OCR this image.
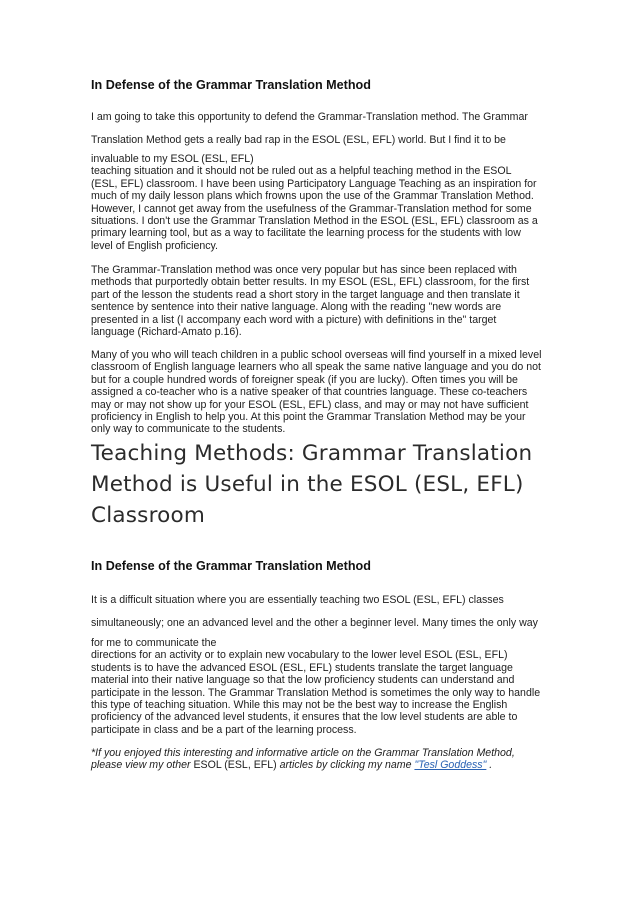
In Defense of the Grammar Translation Method
I am going to take this opportunity to defend the Grammar-Translation method. The Grammar
Translation Method gets a really bad rap in the ESOL (ESL, EFL) world. But I find it to be
invaluable to my ESOL (ESL, EFL)
teaching situation and it should not be ruled out as a helpful teaching method in the ESOL
(ESL, EFL) classroom. I have been using Participatory Language Teaching as an inspiration for
much of my daily lesson plans which frowns upon the use of the Grammar Translation Method.
However, I cannot get away from the usefulness of the Grammar-Translation method for some
situations. I don't use the Grammar Translation Method in the ESOL (ESL, EFL) classroom as a
primary learning tool, but as a way to facilitate the learning process for the students with low
level of English proficiency.
The Grammar-Translation method was once very popular but has since been replaced with
methods that purportedly obtain better results. In my ESOL (ESL, EFL) classroom, for the first
part of the lesson the students read a short story in the target language and then translate it
sentence by sentence into their native language. Along with the reading "new words are
presented in a list (I accompany each word with a picture) with definitions in the" target
language (Richard-Amato p.16).
Many of you who will teach children in a public school overseas will find yourself in a mixed level
classroom of English language learners who all speak the same native language and you do not
but for a couple hundred words of foreigner speak (if you are lucky). Often times you will be
assigned a co-teacher who is a native speaker of that countries language. These co-teachers
may or may not show up for your ESOL (ESL, EFL) class, and may or may not have sufficient
proficiency in English to help you. At this point the Grammar Translation Method may be your
only way to communicate to the students.
Teaching Methods: Grammar Translation
Method is Useful in the ESOL (ESL, EFL)
Classroom
In Defense of the Grammar Translation Method
It is a difficult situation where you are essentially teaching two ESOL (ESL, EFL) classes
simultaneously; one an advanced level and the other a beginner level. Many times the only way
for me to communicate the
directions for an activity or to explain new vocabulary to the lower level ESOL (ESL, EFL)
students is to have the advanced ESOL (ESL, EFL) students translate the target language
material into their native language so that the low proficiency students can understand and
participate in the lesson. The Grammar Translation Method is sometimes the only way to handle
this type of teaching situation. While this may not be the best way to increase the English
proficiency of the advanced level students, it ensures that the low level students are able to
participate in class and be a part of the learning process.
*If you enjoyed this interesting and informative article on the Grammar Translation Method,
please view my other ESOL (ESL, EFL) articles by clicking my name "Tesl Goddess" .
